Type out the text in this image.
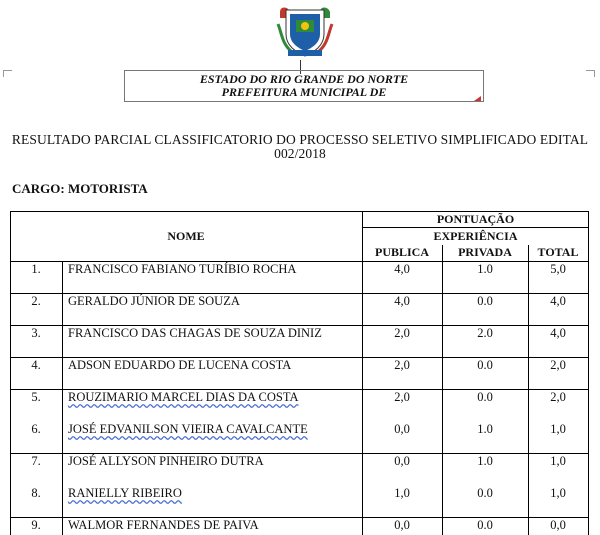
ESTADO DO RIO GRANDE DO NORTE
PREFEITURA MUNICIPAL DE
RESULTADO PARCIAL CLASSIFICATORIO DO PROCESSO SELETIVO SIMPLIFICADO EDITAL 002/2018
CARGO: MOTORISTA
NOME
PONTUAÇÃO
EXPERIÊNCIA
PUBLICA	PRIVADA	TOTAL
1.	FRANCISCO FABIANO TURÍBIO ROCHA	4,0	1.0	5,0
2.	GERALDO JÚNIOR DE SOUZA	4,0	0.0	4,0
3.	FRANCISCO DAS CHAGAS DE SOUZA DINIZ	2,0	2.0	4,0
4.	ADSON EDUARDO DE LUCENA COSTA	2,0	0.0	2,0
5.	ROUZIMARIO MARCEL DIAS DA COSTA	2,0	0.0	2,0
6.	JOSÉ EDVANILSON VIEIRA CAVALCANTE	0,0	1.0	1,0
7.	JOSÉ ALLYSON PINHEIRO DUTRA	0,0	1.0	1,0
8.	RANIELLY RIBEIRO	1,0	0.0	1,0
9.	WALMOR FERNANDES DE PAIVA	0,0	0.0	0,0
